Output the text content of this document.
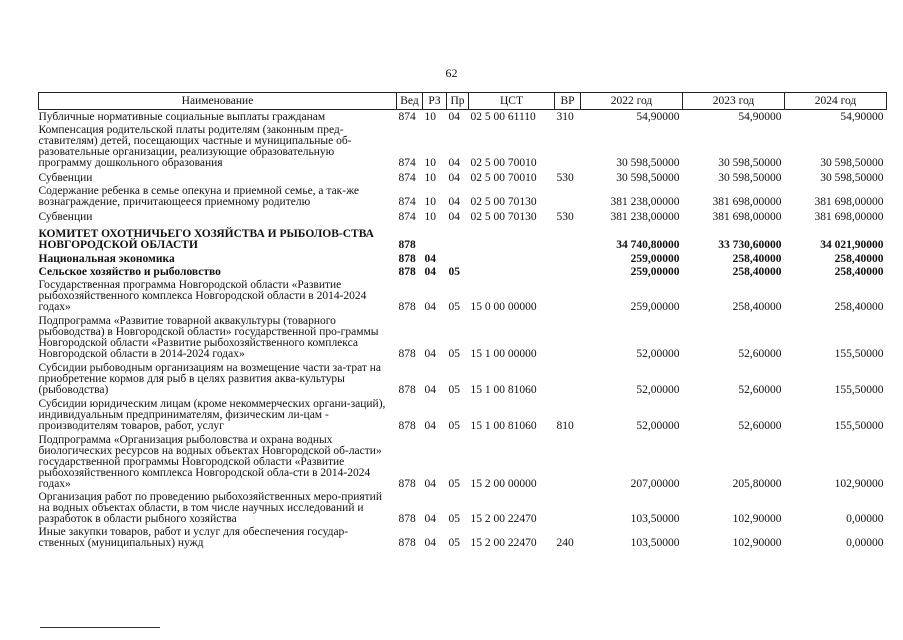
62
Наименование	Вед	РЗ	Пр	ЦСТ	ВР	2022 год	2023 год	2024 год
Публичные нормативные социальные выплаты гражданам	874	10	04	02 5 00 61110	310	54,90000	54,90000	54,90000
Компенсация родительской платы родителям (законным пред-ставителям) детей, посещающих частные и муниципальные об-разовательные организации, реализующие образовательную программу дошкольного образования	874	10	04	02 5 00 70010		30 598,50000	30 598,50000	30 598,50000
Субвенции	874	10	04	02 5 00 70010	530	30 598,50000	30 598,50000	30 598,50000
Содержание ребенка в семье опекуна и приемной семье, а так-же вознаграждение, причитающееся приемному родителю	874	10	04	02 5 00 70130		381 238,00000	381 698,00000	381 698,00000
Субвенции	874	10	04	02 5 00 70130	530	381 238,00000	381 698,00000	381 698,00000
КОМИТЕТ ОХОТНИЧЬЕГО ХОЗЯЙСТВА И РЫБОЛОВ-СТВА НОВГОРОДСКОЙ ОБЛАСТИ	878					34 740,80000	33 730,60000	34 021,90000
Национальная экономика	878	04				259,00000	258,40000	258,40000
Сельское хозяйство и рыболовство	878	04	05			259,00000	258,40000	258,40000
Государственная программа Новгородской области «Развитие рыбохозяйственного комплекса Новгородской области в 2014-2024 годах»	878	04	05	15 0 00 00000		259,00000	258,40000	258,40000
Подпрограмма «Развитие товарной аквакультуры (товарного рыбоводства) в Новгородской области» государственной про-граммы Новгородской области «Развитие рыбохозяйственного комплекса Новгородской области в 2014-2024 годах»	878	04	05	15 1 00 00000		52,00000	52,60000	155,50000
Субсидии рыбоводным организациям на возмещение части за-трат на приобретение кормов для рыб в целях развития аква-культуры (рыбоводства)	878	04	05	15 1 00 81060		52,00000	52,60000	155,50000
Субсидии юридическим лицам (кроме некоммерческих органи-заций), индивидуальным предпринимателям, физическим ли-цам - производителям товаров, работ, услуг	878	04	05	15 1 00 81060	810	52,00000	52,60000	155,50000
Подпрограмма «Организация рыболовства и охрана водных биологических ресурсов на водных объектах Новгородской об-ласти» государственной программы Новгородской области «Развитие рыбохозяйственного комплекса Новгородской обла-сти в 2014-2024 годах»	878	04	05	15 2 00 00000		207,00000	205,80000	102,90000
Организация работ по проведению рыбохозяйственных меро-приятий на водных объектах области, в том числе научных исследований и разработок в области рыбного хозяйства	878	04	05	15 2 00 22470		103,50000	102,90000	0,00000
Иные закупки товаров, работ и услуг для обеспечения государ-ственных (муниципальных) нужд	878	04	05	15 2 00 22470	240	103,50000	102,90000	0,00000
